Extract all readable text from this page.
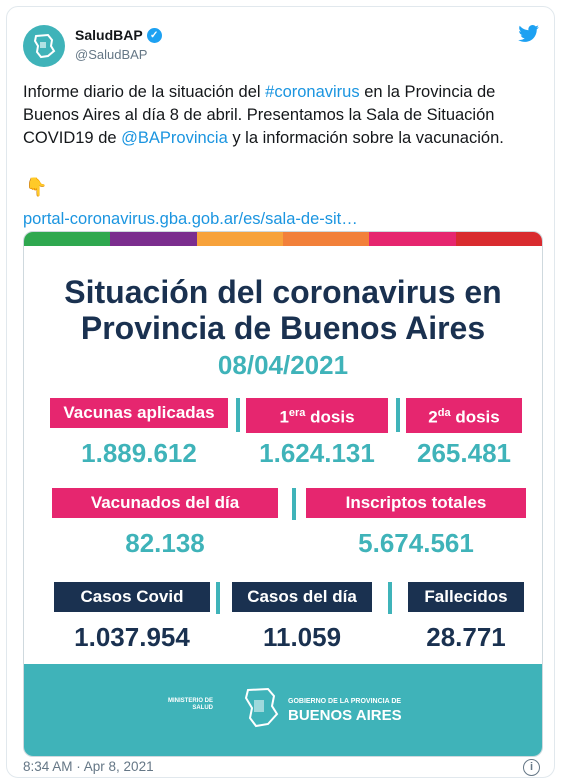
SaludBAP ✓
@SaludBAP
Informe diario de la situación del #coronavirus en la Provincia de Buenos Aires al día 8 de abril. Presentamos la Sala de Situación COVID19 de @BAProvincia y la información sobre la vacunación.
👇
portal-coronavirus.gba.gob.ar/es/sala-de-sit…
Situación del coronavirus en
Provincia de Buenos Aires
08/04/2021
Vacunas aplicadas
1.889.612
$1^{era}$ dosis
1.624.131
$2^{da}$ dosis
265.481
Vacunados del día
82.138
Inscriptos totales
5.674.561
Casos Covid
1.037.954
Casos del día
11.059
Fallecidos
28.771
MINISTERIO DE
SALUD
GOBIERNO DE LA PROVINCIA DE
BUENOS AIRES
8:34 AM · Apr 8, 2021	i
